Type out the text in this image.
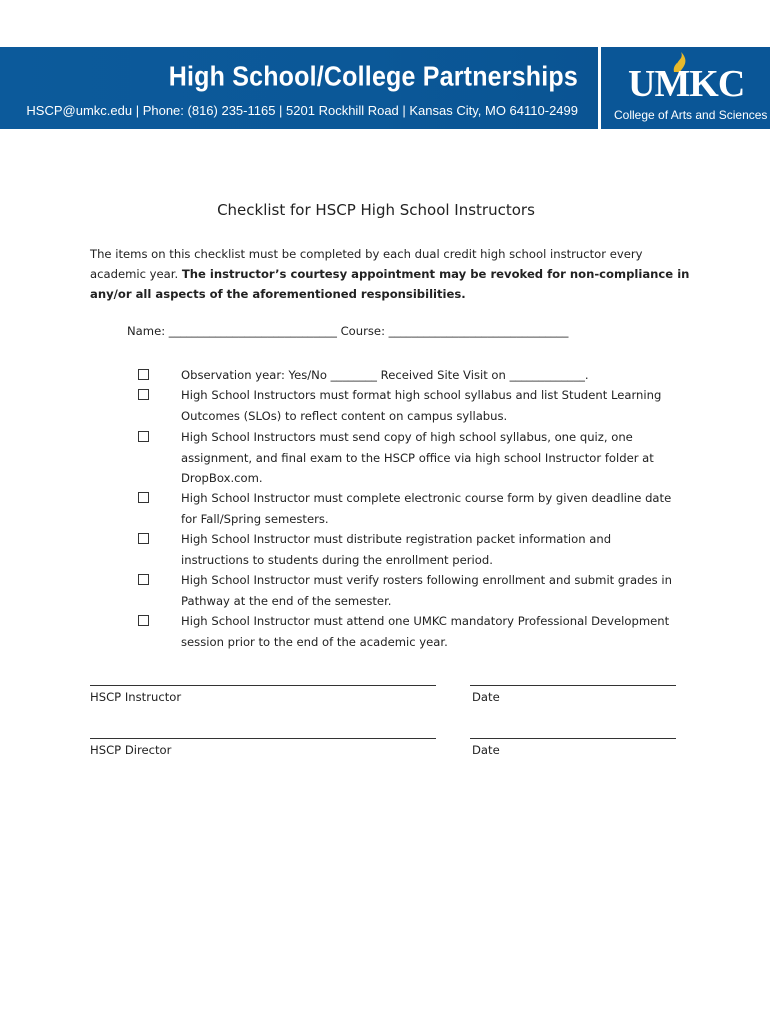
High School/College Partnerships
HSCP@umkc.edu | Phone: (816) 235-1165 | 5201 Rockhill Road | Kansas City, MO 64110-2499
UMKC
College of Arts and Sciences
Checklist for HSCP High School Instructors
The items on this checklist must be completed by each dual credit high school instructor every academic year. The instructor’s courtesy appointment may be revoked for non-compliance in any/or all aspects of the aforementioned responsibilities.
Name: _____________________________ Course: _______________________________
Observation year: Yes/No ________ Received Site Visit on _____________.
High School Instructors must format high school syllabus and list Student Learning Outcomes (SLOs) to reflect content on campus syllabus.
High School Instructors must send copy of high school syllabus, one quiz, one assignment, and final exam to the HSCP office via high school Instructor folder at DropBox.com.
High School Instructor must complete electronic course form by given deadline date for Fall/Spring semesters.
High School Instructor must distribute registration packet information and instructions to students during the enrollment period.
High School Instructor must verify rosters following enrollment and submit grades in Pathway at the end of the semester.
High School Instructor must attend one UMKC mandatory Professional Development session prior to the end of the academic year.
HSCP Instructor	Date
HSCP Director	Date
